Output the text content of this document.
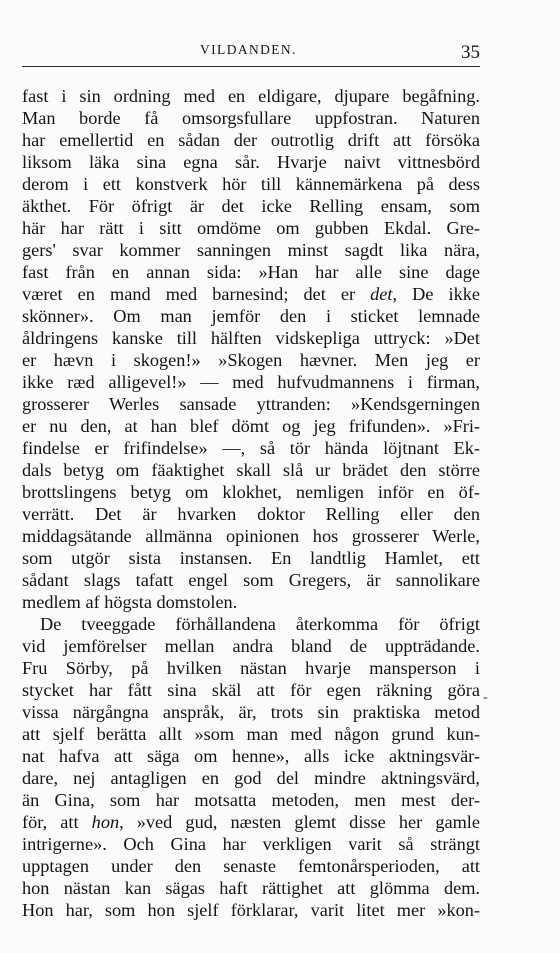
VILDANDEN.	35
fast i sin ordning med en eldigare, djupare begåfning.
Man borde få omsorgsfullare uppfostran. Naturen
har emellertid en sådan der outrotlig drift att försöka
liksom läka sina egna sår. Hvarje naivt vittnesbörd
derom i ett konstverk hör till kännemärkena på dess
äkthet. För öfrigt är det icke Relling ensam, som
här har rätt i sitt omdöme om gubben Ekdal. Gre-
gers' svar kommer sanningen minst sagdt lika nära,
fast från en annan sida: »Han har alle sine dage
været en mand med barnesind; det er det, De ikke
skönner». Om man jemför den i sticket lemnade
åldringens kanske till hälften vidskepliga uttryck: »Det
er hævn i skogen!» »Skogen hævner. Men jeg er
ikke ræd alligevel!» — med hufvudmannens i firman,
grosserer Werles sansade yttranden: »Kendsgerningen
er nu den, at han blef dömt og jeg frifunden». »Fri-
findelse er frifindelse» —, så tör hända löjtnant Ek-
dals betyg om fäaktighet skall slå ur brädet den större
brottslingens betyg om klokhet, nemligen inför en öf-
verrätt. Det är hvarken doktor Relling eller den
middagsätande allmänna opinionen hos grosserer Werle,
som utgör sista instansen. En landtlig Hamlet, ett
sådant slags tafatt engel som Gregers, är sannolikare
medlem af högsta domstolen.
De tveeggade förhållandena återkomma för öfrigt
vid jemförelser mellan andra bland de uppträdande.
Fru Sörby, på hvilken nästan hvarje mansperson i
stycket har fått sina skäl att för egen räkning göra
vissa närgångna anspråk, är, trots sin praktiska metod
att sjelf berätta allt »som man med någon grund kun-
nat hafva att säga om henne», alls icke aktningsvär-
dare, nej antagligen en god del mindre aktningsvärd,
än Gina, som har motsatta metoden, men mest der-
för, att hon, »ved gud, næsten glemt disse her gamle
intrigerne». Och Gina har verkligen varit så strängt
upptagen under den senaste femtonårsperioden, att
hon nästan kan sägas haft rättighet att glömma dem.
Hon har, som hon sjelf förklarar, varit litet mer »kon-
-
